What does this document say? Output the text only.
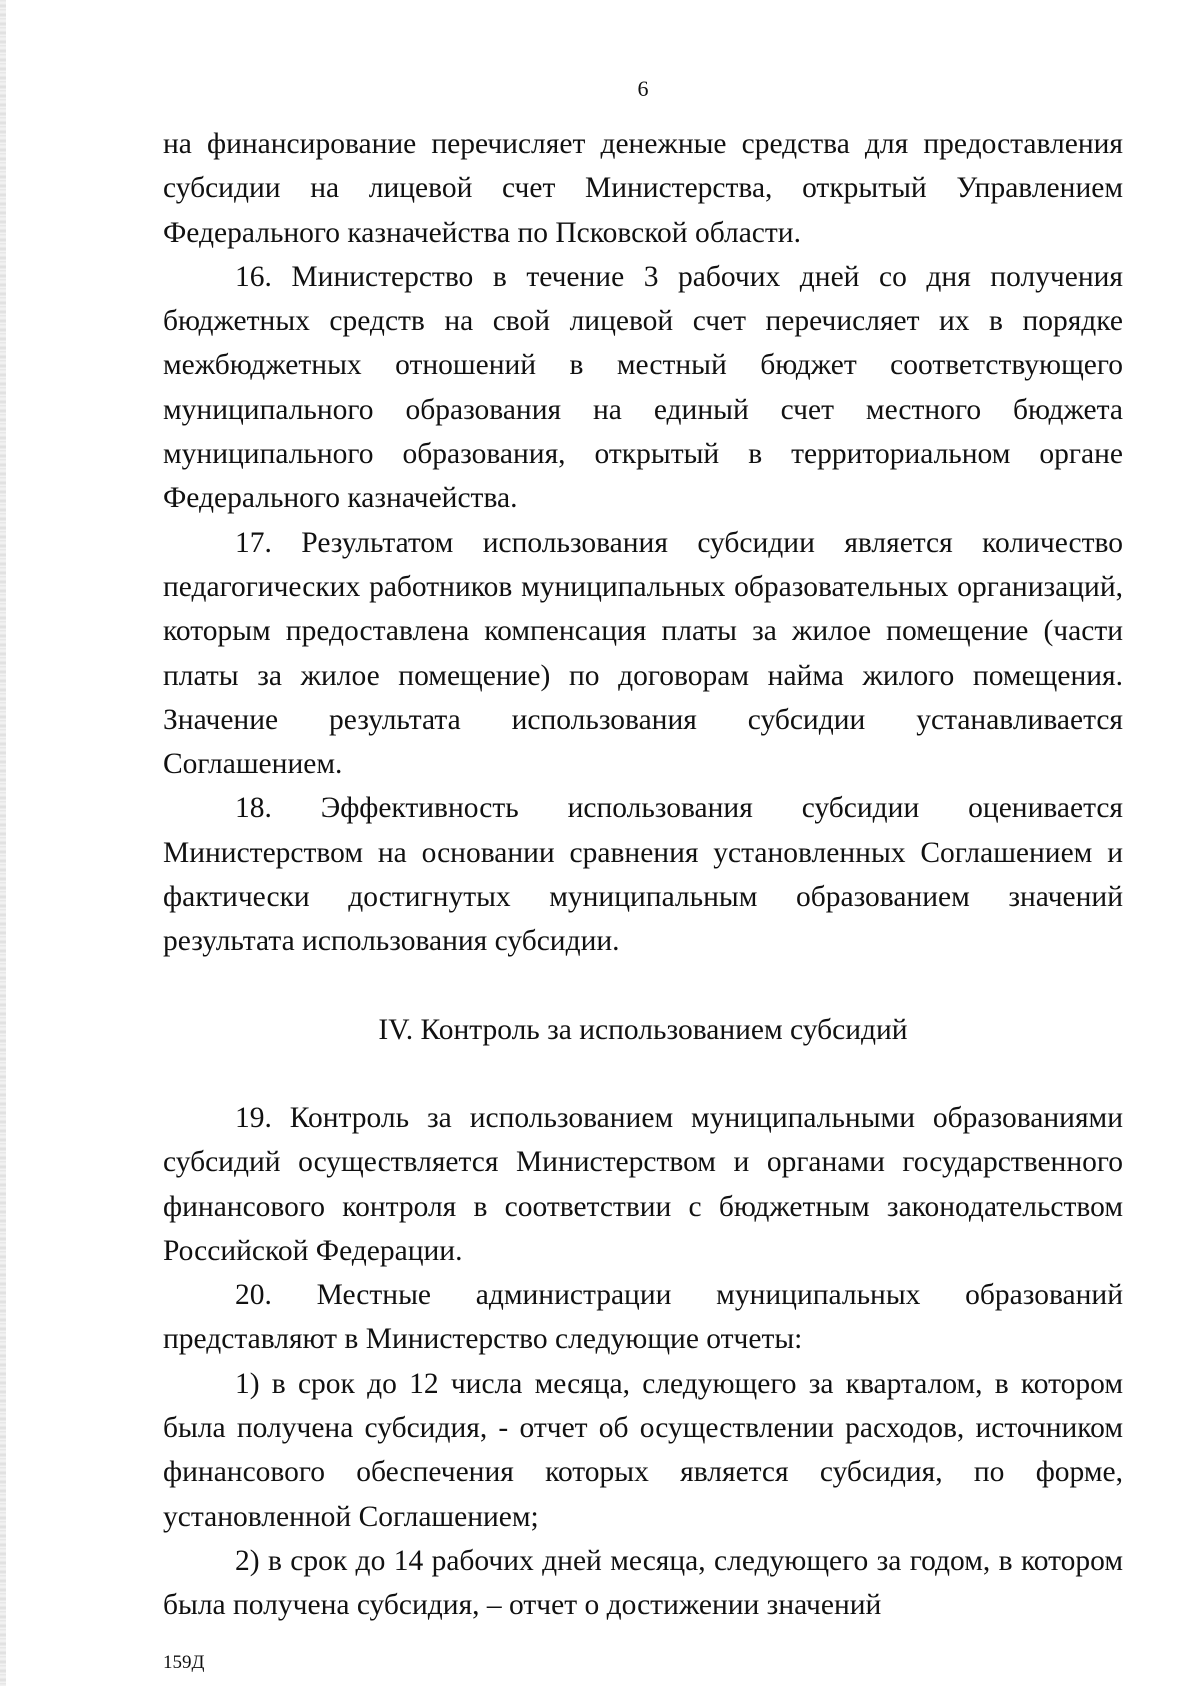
6

на финансирование перечисляет денежные средства для предоставления субсидии на лицевой счет Министерства, открытый Управлением Федерального казначейства по Псковской области.

16. Министерство в течение 3 рабочих дней со дня получения бюджетных средств на свой лицевой счет перечисляет их в порядке межбюджетных отношений в местный бюджет соответствующего муниципального образования на единый счет местного бюджета муниципального образования, открытый в территориальном органе Федерального казначейства.

17. Результатом использования субсидии является количество педагогических работников муниципальных образовательных организаций, которым предоставлена компенсация платы за жилое помещение (части платы за жилое помещение) по договорам найма жилого помещения. Значение результата использования субсидии устанавливается Соглашением.

18. Эффективность использования субсидии оценивается Министерством на основании сравнения установленных Соглашением и фактически достигнутых муниципальным образованием значений результата использования субсидии.

IV. Контроль за использованием субсидий

19. Контроль за использованием муниципальными образованиями субсидий осуществляется Министерством и органами государственного финансового контроля в соответствии с бюджетным законодательством Российской Федерации.

20. Местные администрации муниципальных образований представляют в Министерство следующие отчеты:

1) в срок до 12 числа месяца, следующего за кварталом, в котором была получена субсидия, - отчет об осуществлении расходов, источником финансового обеспечения которых является субсидия, по форме, установленной Соглашением;

2) в срок до 14 рабочих дней месяца, следующего за годом, в котором была получена субсидия, – отчет о достижении значений

159Д
